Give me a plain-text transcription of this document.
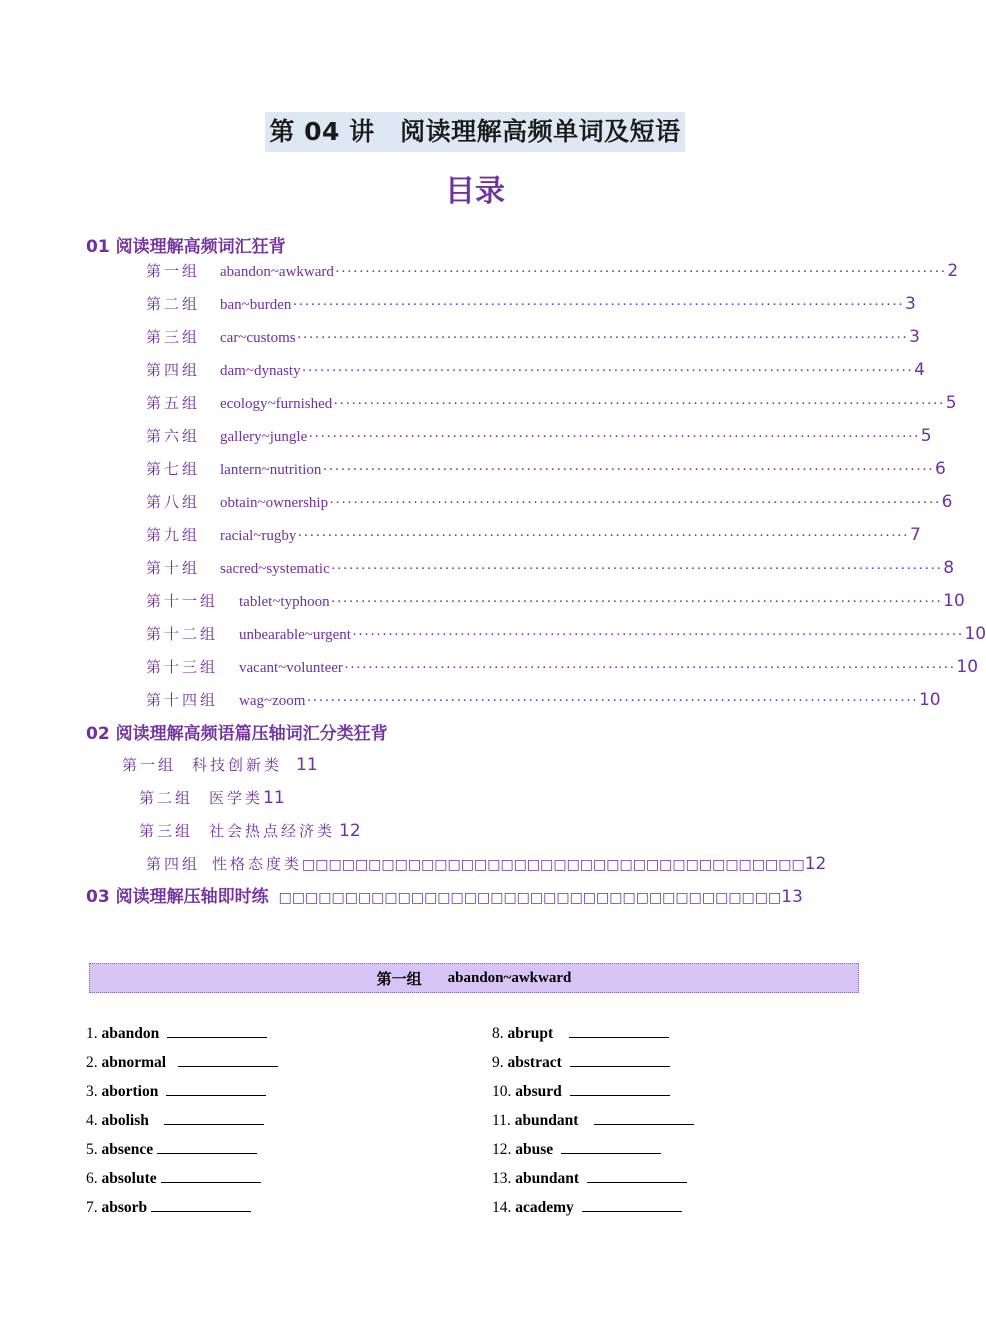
第 04 讲　阅读理解高频单词及短语
目录
01 阅读理解高频词汇狂背
第一组	abandon~awkward ······································································································ 2
第二组	ban~burden ······································································································ 3
第三组	car~customs ······································································································ 3
第四组	dam~dynasty ······································································································ 4
第五组	ecology~furnished ······································································································ 5
第六组	gallery~jungle ······································································································ 5
第七组	lantern~nutrition ······································································································ 6
第八组	obtain~ownership ······································································································ 6
第九组	racial~rugby ······································································································ 7
第十组	sacred~systematic ······································································································ 8
第十一组	tablet~typhoon ······································································································ 10
第十二组	unbearable~urgent ······································································································ 10
第十三组	vacant~volunteer ······································································································ 10
第十四组	wag~zoom ······································································································ 10
02 阅读理解高频语篇压轴词汇分类狂背
第一组 科技创新类 11
第二组 医学类 11
第三组 社会热点经济类 12
第四组 性格态度类 □□□□□□□□□□□□□□□□□□□□□□□□□□□□□□□□□□□□□□ 12
03 阅读理解压轴即时练 □□□□□□□□□□□□□□□□□□□□□□□□□□□□□□□□□□□□□□ 13
第一组 abandon~awkward
1. abandon
2. abnormal
3. abortion
4. abolish
5. absence
6. absolute
7. absorb
8. abrupt
9. abstract
10. absurd
11. abundant
12. abuse
13. abundant
14. academy
